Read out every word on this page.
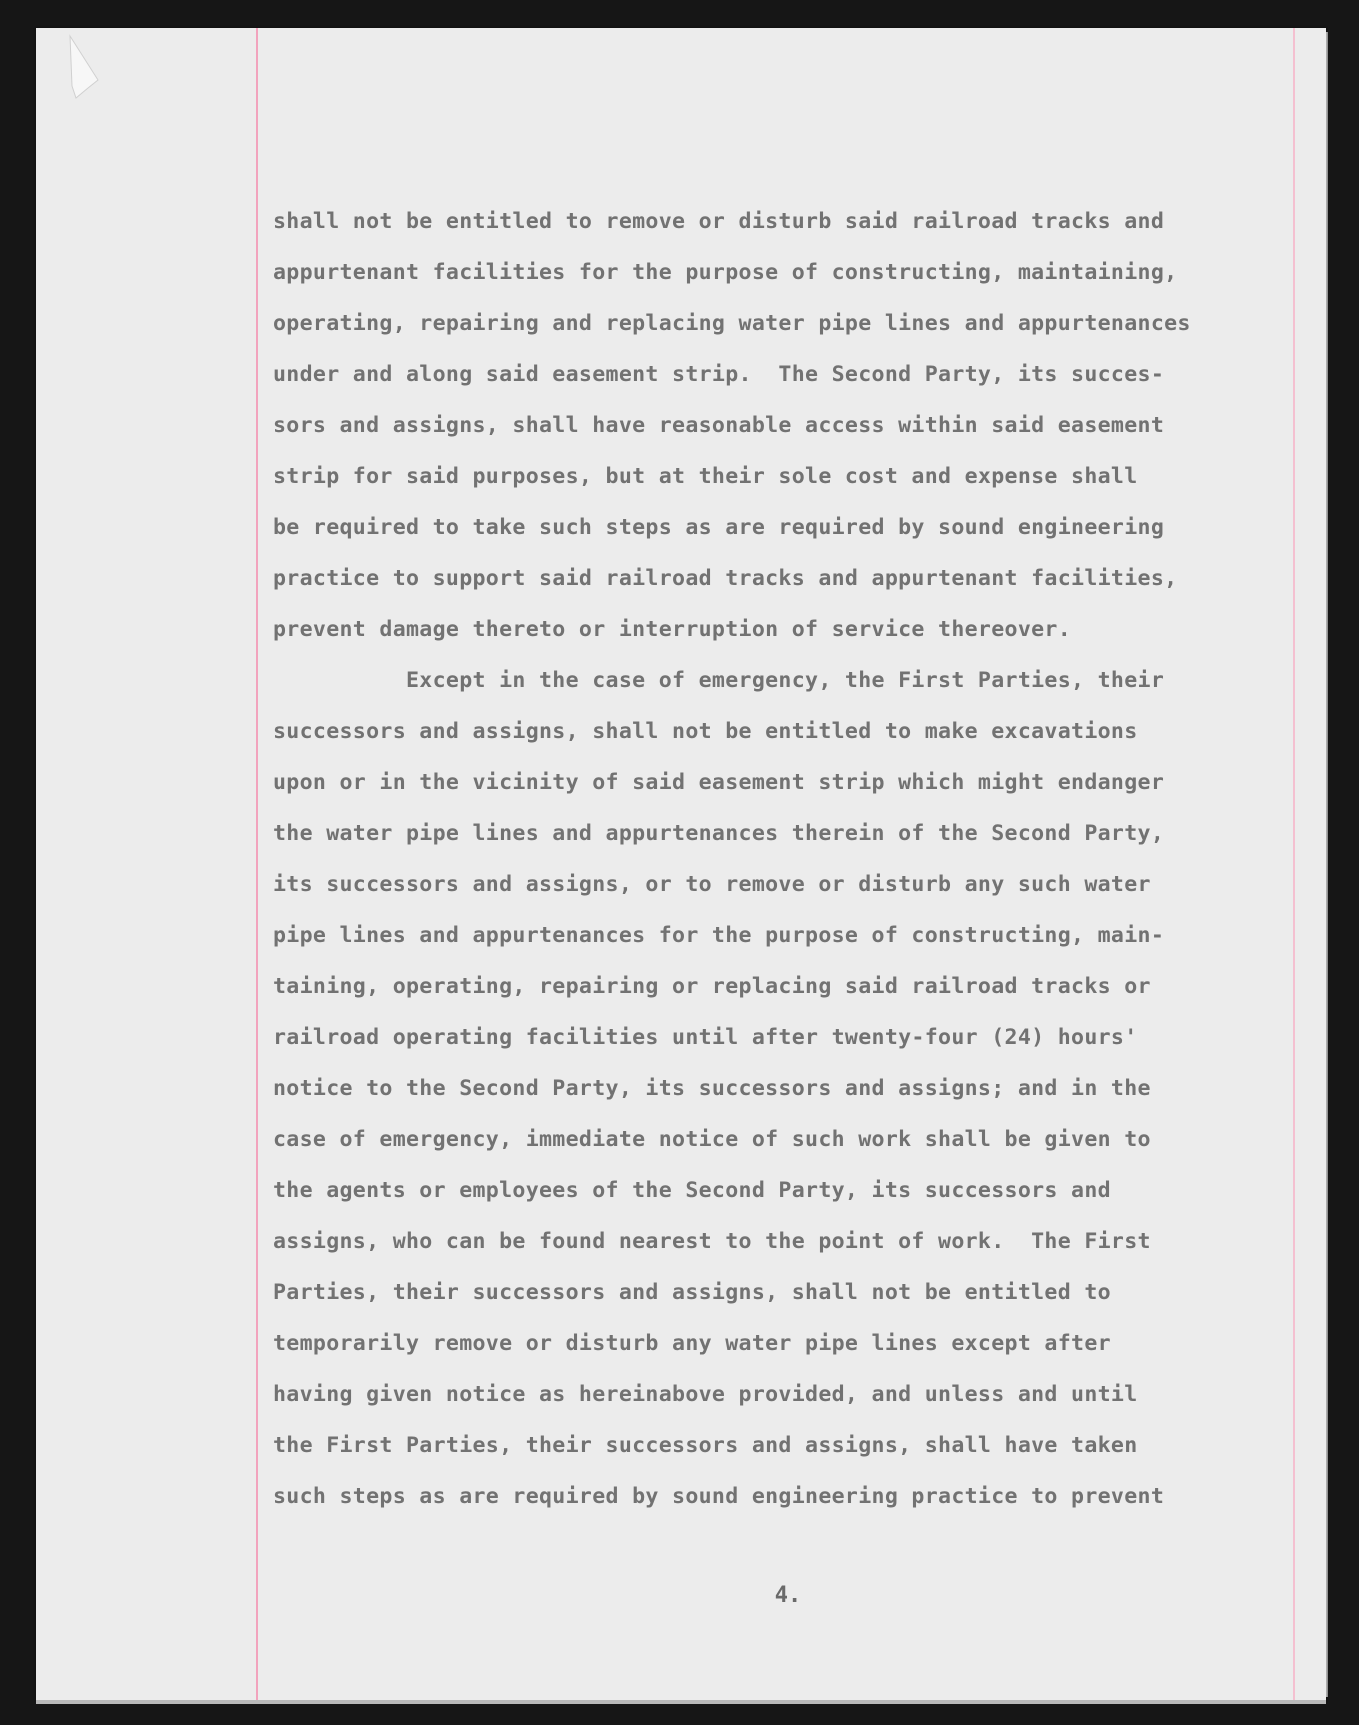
shall not be entitled to remove or disturb said railroad tracks and
appurtenant facilities for the purpose of constructing, maintaining,
operating, repairing and replacing water pipe lines and appurtenances
under and along said easement strip.  The Second Party, its succes-
sors and assigns, shall have reasonable access within said easement
strip for said purposes, but at their sole cost and expense shall
be required to take such steps as are required by sound engineering
practice to support said railroad tracks and appurtenant facilities,
prevent damage thereto or interruption of service thereover.
Except in the case of emergency, the First Parties, their
successors and assigns, shall not be entitled to make excavations
upon or in the vicinity of said easement strip which might endanger
the water pipe lines and appurtenances therein of the Second Party,
its successors and assigns, or to remove or disturb any such water
pipe lines and appurtenances for the purpose of constructing, main-
taining, operating, repairing or replacing said railroad tracks or
railroad operating facilities until after twenty-four (24) hours'
notice to the Second Party, its successors and assigns; and in the
case of emergency, immediate notice of such work shall be given to
the agents or employees of the Second Party, its successors and
assigns, who can be found nearest to the point of work.  The First
Parties, their successors and assigns, shall not be entitled to
temporarily remove or disturb any water pipe lines except after
having given notice as hereinabove provided, and unless and until
the First Parties, their successors and assigns, shall have taken
such steps as are required by sound engineering practice to prevent
4.
